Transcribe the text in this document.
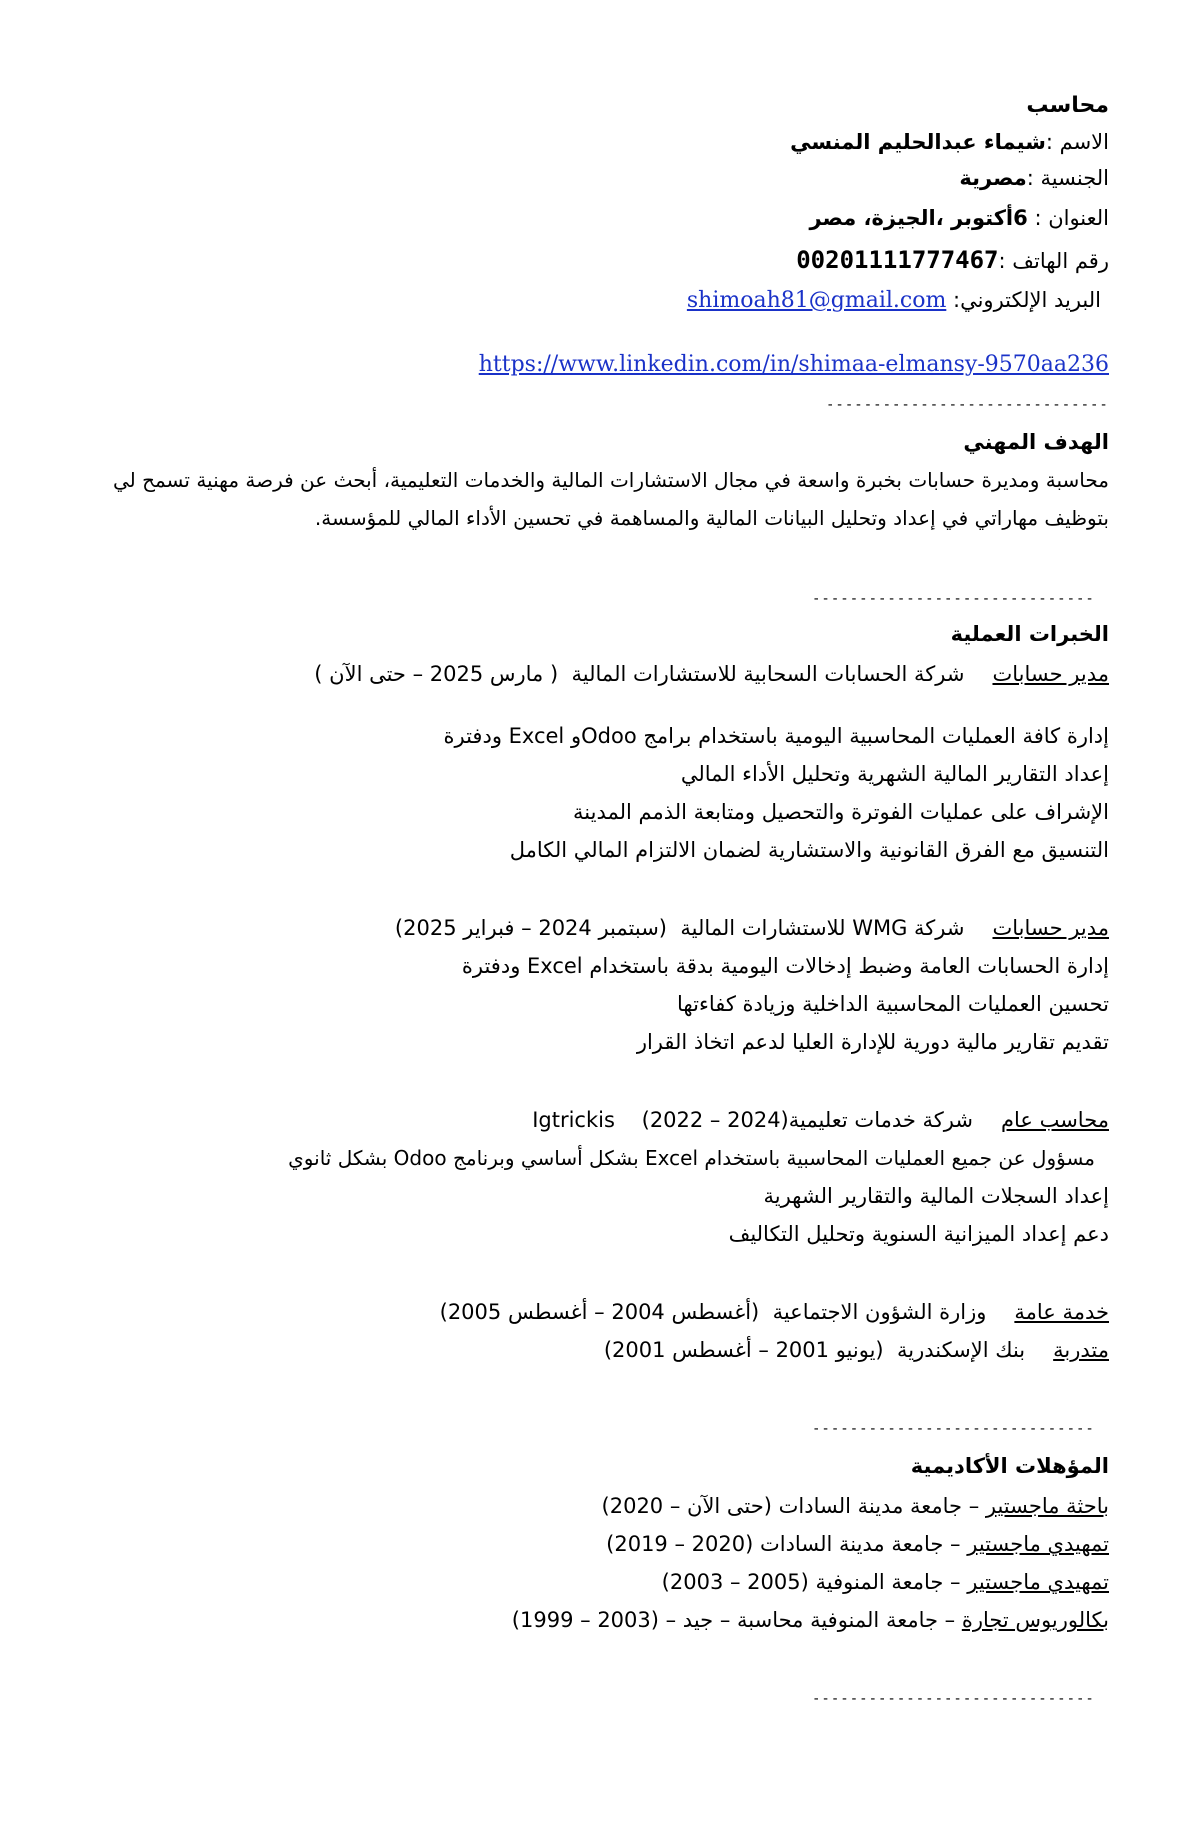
محاسب
الاسم :شيماء عبدالحليم المنسي
الجنسية :مصرية
العنوان : 6أكتوبر ،الجيزة، مصر
رقم الهاتف :00201111777467
البريد الإلكتروني: shimoah81@gmail.com
https://www.linkedin.com/in/shimaa-elmansy-9570aa236
------------------------------
الهدف المهني
محاسبة ومديرة حسابات بخبرة واسعة في مجال الاستشارات المالية والخدمات التعليمية، أبحث عن فرصة مهنية تسمح لي
بتوظيف مهاراتي في إعداد وتحليل البيانات المالية والمساهمة في تحسين الأداء المالي للمؤسسة.
------------------------------
الخبرات العملية
مدير حساباتشركة الحسابات السحابية للاستشارات المالية  ( مارس 2025 – حتى الآن )
إدارة كافة العمليات المحاسبية اليومية باستخدام برامج Odooو Excel ودفترة
إعداد التقارير المالية الشهرية وتحليل الأداء المالي
الإشراف على عمليات الفوترة والتحصيل ومتابعة الذمم المدينة
التنسيق مع الفرق القانونية والاستشارية لضمان الالتزام المالي الكامل
مدير حساباتشركة WMG للاستشارات المالية  (سبتمبر 2024 – فبراير 2025)
إدارة الحسابات العامة وضبط إدخالات اليومية بدقة باستخدام Excel ودفترة
تحسين العمليات المحاسبية الداخلية وزيادة كفاءتها
تقديم تقارير مالية دورية للإدارة العليا لدعم اتخاذ القرار
محاسب عامشركة خدمات تعليميةIgtrickis    (2022 – 2024)
مسؤول عن جميع العمليات المحاسبية باستخدام Excel بشكل أساسي وبرنامج Odoo بشكل ثانوي
إعداد السجلات المالية والتقارير الشهرية
دعم إعداد الميزانية السنوية وتحليل التكاليف
خدمة عامةوزارة الشؤون الاجتماعية  (أغسطس 2004 – أغسطس 2005)
متدربةبنك الإسكندرية  (يونيو 2001 – أغسطس 2001)
------------------------------
المؤهلات الأكاديمية
باحثة ماجستير – جامعة مدينة السادات (حتى الآن – 2020)
تمهيدي ماجستير – جامعة مدينة السادات (2020 – 2019)
تمهيدي ماجستير – جامعة المنوفية (2005 – 2003)
بكالوريوس تجارة – جامعة المنوفية محاسبة – جيد – (2003 – 1999)
------------------------------
